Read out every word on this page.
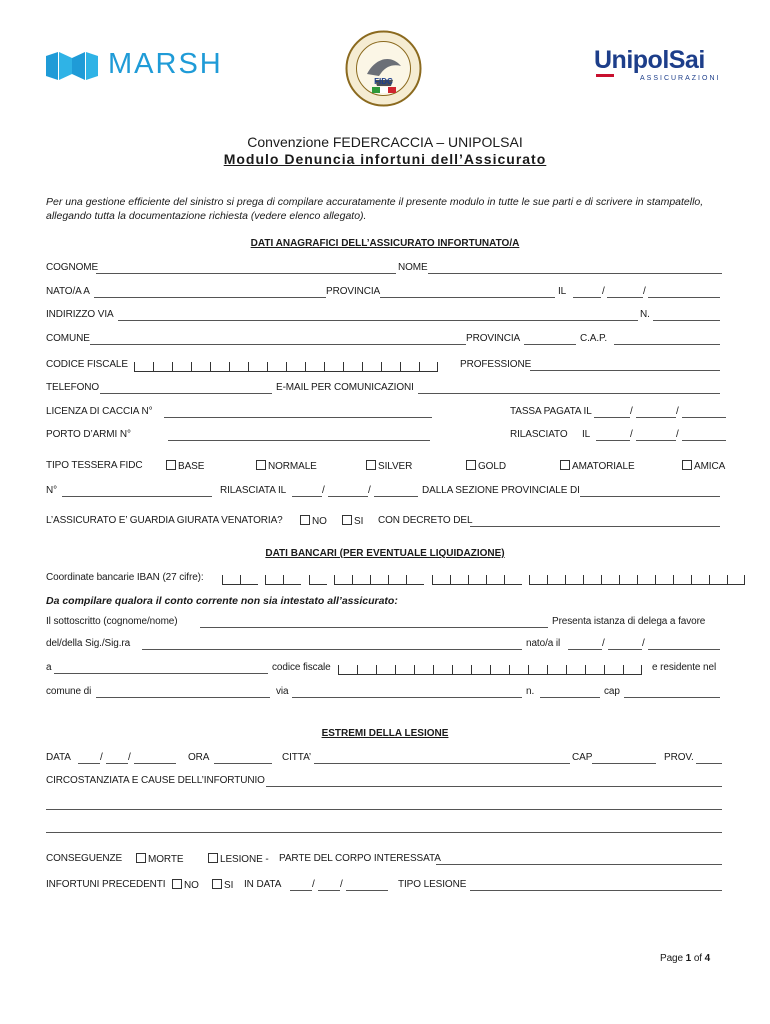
MARSH
FIDC
UnipolSai
ASSICURAZIONI
Convenzione FEDERCACCIA – UNIPOLSAI
Modulo Denuncia infortuni dell’Assicurato
Per una gestione efficiente del sinistro si prega di compilare accuratamente il presente modulo in tutte le sue parti e di scrivere in stampatello, allegando tutta la documentazione richiesta (vedere elenco allegato).
DATI ANAGRAFICI DELL’ASSICURATO INFORTUNATO/A
COGNOME	NOME
NATO/A A	PROVINCIA	IL	/	/
INDIRIZZO VIA	N.
COMUNE	PROVINCIA	C.A.P.
CODICE FISCALE	PROFESSIONE
TELEFONO	E-MAIL PER COMUNICAZIONI
LICENZA DI CACCIA N°	TASSA PAGATA IL	/	/
PORTO D’ARMI N°	RILASCIATO IL	/	/
TIPO TESSERA FIDC	BASE	NORMALE	SILVER	GOLD	AMATORIALE	AMICA
N°	RILASCIATA IL	/	/	DALLA SEZIONE PROVINCIALE DI
L’ASSICURATO E’ GUARDIA GIURATA VENATORIA?	NO	SI CON DECRETO DEL
DATI BANCARI (PER EVENTUALE LIQUIDAZIONE)
Coordinate bancarie IBAN (27 cifre):

Da compilare qualora il conto corrente non sia intestato all’assicurato:
Il sottoscritto (cognome/nome)	Presenta istanza di delega a favore
del/della Sig./Sig.ra	nato/a il	/	/
a	codice fiscale	e residente nel
comune di	via	n.	cap
ESTREMI DELLA LESIONE
DATA	/	/	ORA	CITTA’	CAP	PROV.
CIRCOSTANZIATA E CAUSE DELL’INFORTUNIO
CONSEGUENZE	MORTE	LESIONE - PARTE DEL CORPO INTERESSATA
INFORTUNI PRECEDENTI	NO	SI IN DATA	/	/	TIPO LESIONE
Page 1 of 4
